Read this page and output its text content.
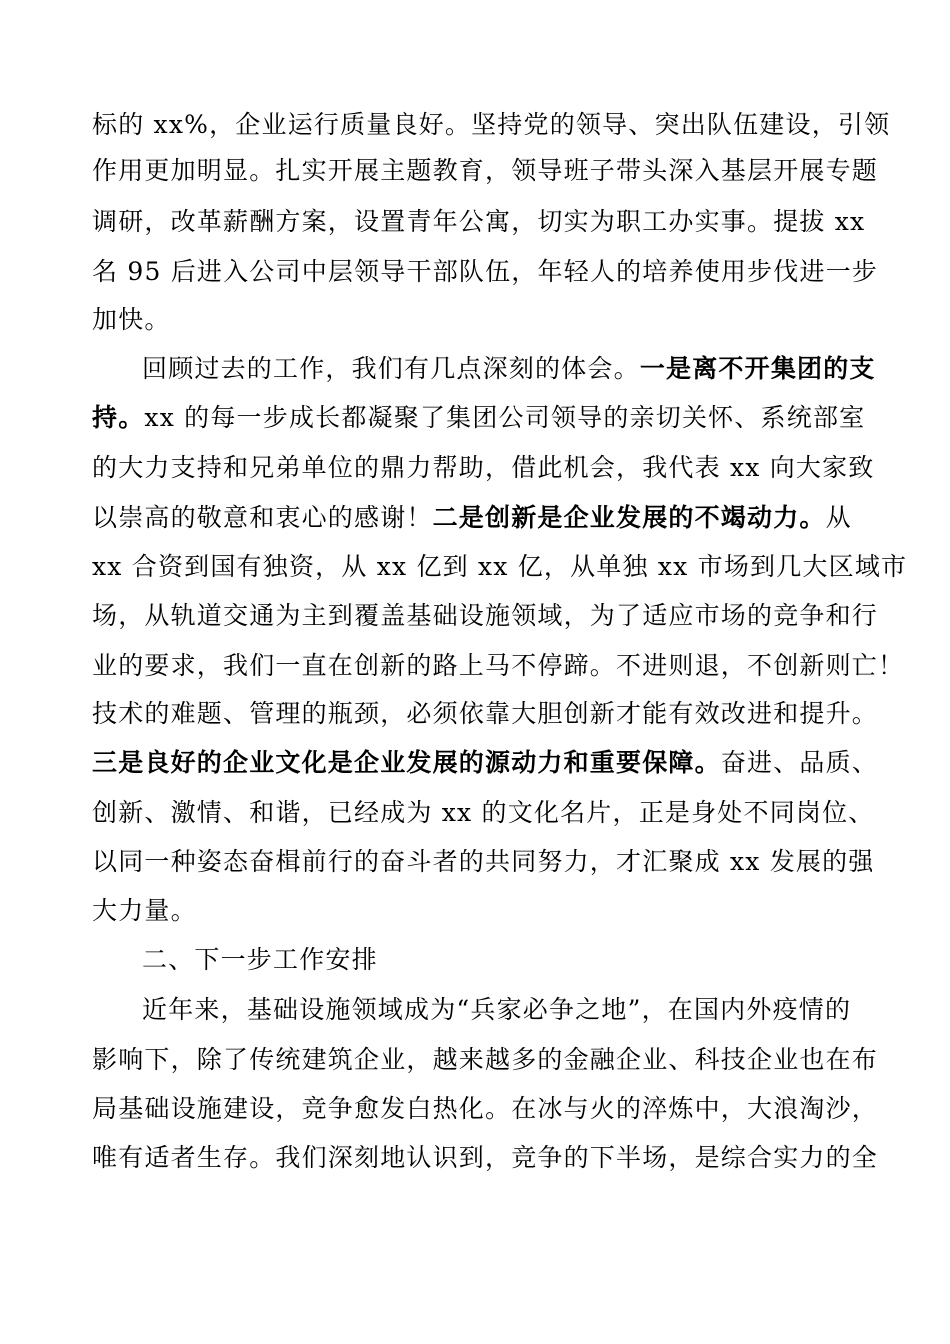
标的 xx%，企业运行质量良好。坚持党的领导、突出队伍建设，引领
作用更加明显。扎实开展主题教育，领导班子带头深入基层开展专题
调研，改革薪酬方案，设置青年公寓，切实为职工办实事。提拔 xx
名 95 后进入公司中层领导干部队伍，年轻人的培养使用步伐进一步
加快。
回顾过去的工作，我们有几点深刻的体会。一是离不开集团的支
持。xx 的每一步成长都凝聚了集团公司领导的亲切关怀、系统部室
的大力支持和兄弟单位的鼎力帮助，借此机会，我代表 xx 向大家致
以崇高的敬意和衷心的感谢！二是创新是企业发展的不竭动力。从
xx 合资到国有独资，从 xx 亿到 xx 亿，从单独 xx 市场到几大区域市
场，从轨道交通为主到覆盖基础设施领域，为了适应市场的竞争和行
业的要求，我们一直在创新的路上马不停蹄。不进则退，不创新则亡！
技术的难题、管理的瓶颈，必须依靠大胆创新才能有效改进和提升。
三是良好的企业文化是企业发展的源动力和重要保障。奋进、品质、
创新、激情、和谐，已经成为 xx 的文化名片，正是身处不同岗位、
以同一种姿态奋楫前行的奋斗者的共同努力，才汇聚成 xx 发展的强
大力量。
二、下一步工作安排
近年来，基础设施领域成为“兵家必争之地”，在国内外疫情的
影响下，除了传统建筑企业，越来越多的金融企业、科技企业也在布
局基础设施建设，竞争愈发白热化。在冰与火的淬炼中，大浪淘沙，
唯有适者生存。我们深刻地认识到，竞争的下半场，是综合实力的全
